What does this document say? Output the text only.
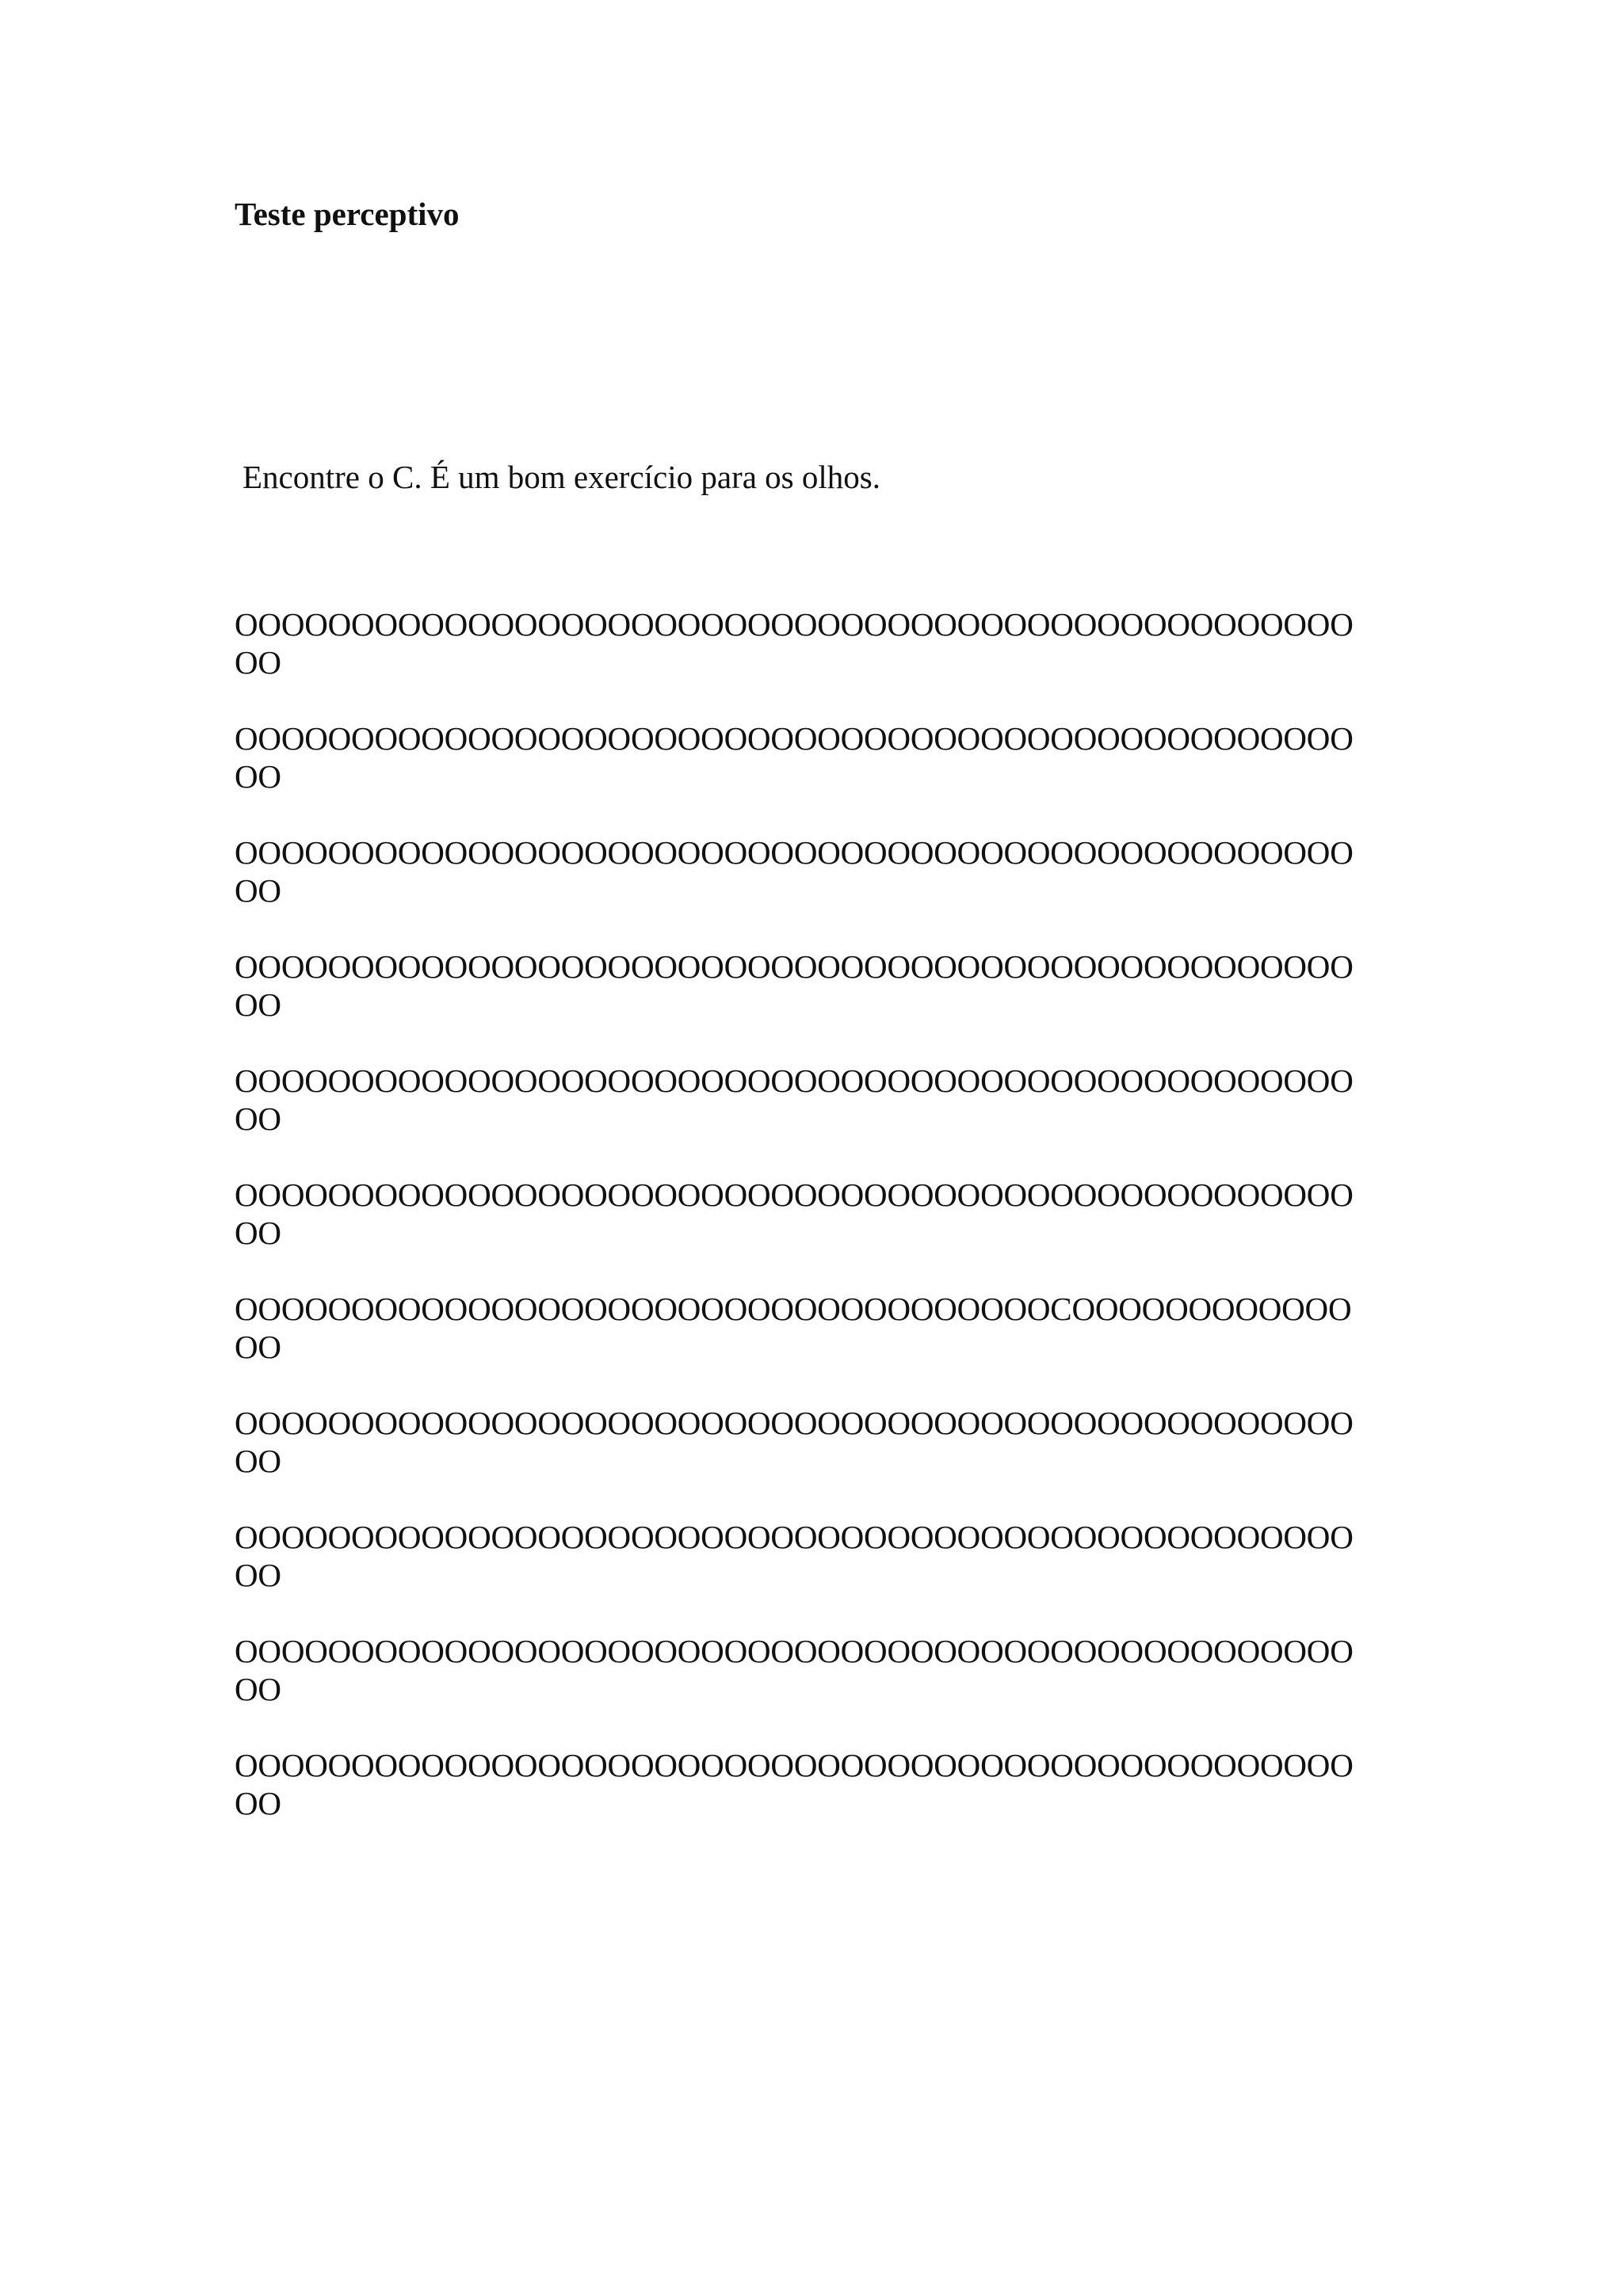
Teste perceptivo
Encontre o C. É um bom exercício para os olhos.
OOOOOOOOOOOOOOOOOOOOOOOOOOOOOOOOOOOOOOOOOOOOOOOO
OO
OOOOOOOOOOOOOOOOOOOOOOOOOOOOOOOOOOOOOOOOOOOOOOOO
OO
OOOOOOOOOOOOOOOOOOOOOOOOOOOOOOOOOOOOOOOOOOOOOOOO
OO
OOOOOOOOOOOOOOOOOOOOOOOOOOOOOOOOOOOOOOOOOOOOOOOO
OO
OOOOOOOOOOOOOOOOOOOOOOOOOOOOOOOOOOOOOOOOOOOOOOOO
OO
OOOOOOOOOOOOOOOOOOOOOOOOOOOOOOOOOOOOOOOOOOOOOOOO
OO
OOOOOOOOOOOOOOOOOOOOOOOOOOOOOOOOOOOCOOOOOOOOOOOO
OO
OOOOOOOOOOOOOOOOOOOOOOOOOOOOOOOOOOOOOOOOOOOOOOOO
OO
OOOOOOOOOOOOOOOOOOOOOOOOOOOOOOOOOOOOOOOOOOOOOOOO
OO
OOOOOOOOOOOOOOOOOOOOOOOOOOOOOOOOOOOOOOOOOOOOOOOO
OO
OOOOOOOOOOOOOOOOOOOOOOOOOOOOOOOOOOOOOOOOOOOOOOOO
OO
